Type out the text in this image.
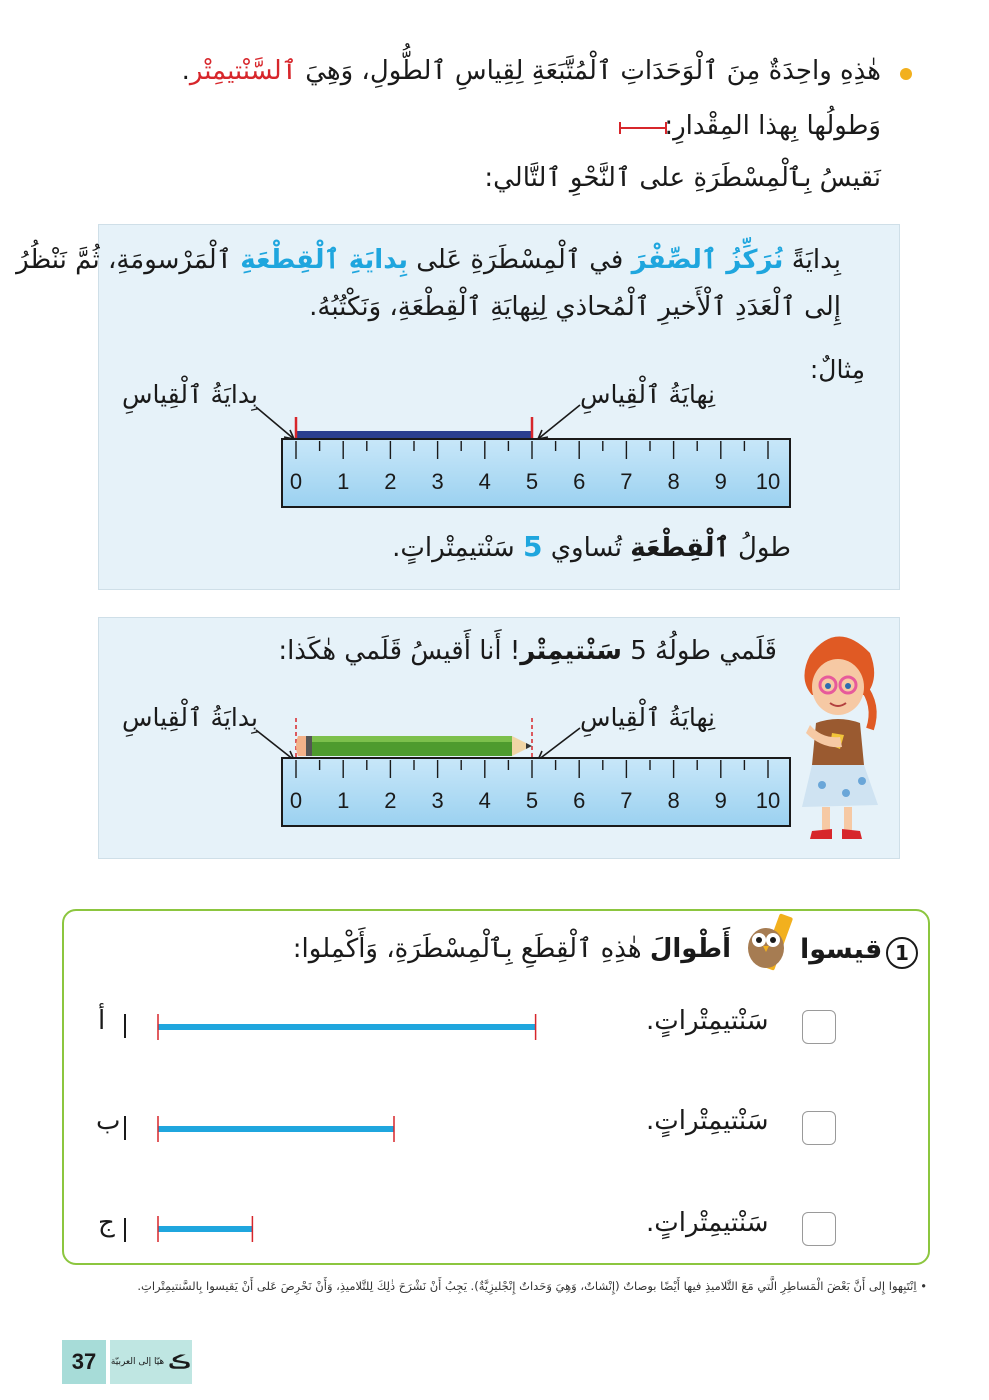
هٰذِهِ واحِدَةٌ مِنَ ٱلْوَحَدَاتِ ٱلْمُتَّبَعَةِ لِقِياسِ ٱلطُّولِ، وَهِيَ ٱلسَّنْتيمِتْر.
وَطولُها بِهذا المِقْدارِ:
نَقيسُ بِٱلْمِسْطَرَةِ على ٱلنَّحْوِ ٱلتَّالي:
بِدايَةً نُرَكِّزُ ٱلصِّفْرَ في ٱلْمِسْطَرَةِ عَلى بِدايَةِ ٱلْقِطْعَةِ ٱلْمَرْسومَةِ، ثُمَّ نَنْظُرُ
إِلى ٱلْعَدَدِ ٱلْأَخيرِ ٱلْمُحاذي لِنِهايَةِ ٱلْقِطْعَةِ، وَنَكْتُبُهُ.
مِثالٌ:
نِهايَةُ ٱلْقِياسِ
بِدايَةُ ٱلْقِياسِ
0 1 2 3 4 5 6 7 8 9 10
طولُ ٱلْقِطْعَةِ تُساوي 5 سَنْتيمِتْراتٍ.
قَلَمي طولُهُ 5 سَنْتيمِتْر! أَنا أَقيسُ قَلَمي هٰكَذا:
نِهايَةُ ٱلْقِياسِ
بِدايَةُ ٱلْقِياسِ
0 1 2 3 4 5 6 7 8 9 10
1
قيسوا
أَطْوالَ هٰذِهِ ٱلْقِطَعِ بِٱلْمِسْطَرَةِ، وَأَكْمِلوا:
سَنْتيمِتْراتٍ.
أ
سَنْتيمِتْراتٍ.
ب
سَنْتيمِتْراتٍ.
ج
• اِنْتَبِهوا إِلى أَنَّ بَعْضَ الْمَساطِرِ الَّتي مَعَ التَّلاميذِ فيها أَيْضًا بوصاتٌ (إِنْشاتٌ، وَهِيَ وَحَداتٌ إِنْجْليزِيَّةٌ). يَجِبُ أَنْ نَشْرَحَ ذٰلِكَ لِلتَّلاميذِ، وَأَنْ نَحْرِصَ عَلى أَنْ يَقيسوا بِالسَّنتيمِتْراتِ.
37	هيّا إلى العربيّة ڪ
